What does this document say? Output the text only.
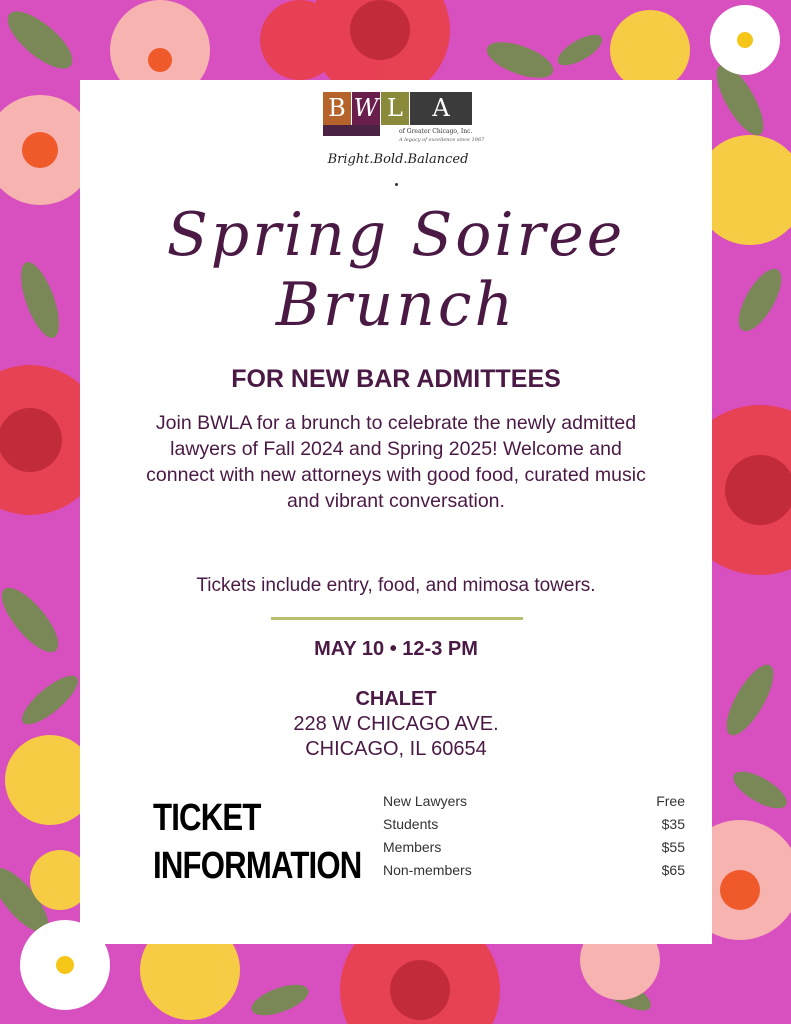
B W L	A
of Greater Chicago, Inc.
A legacy of excellence since 1967
Bright.Bold.Balanced
Spring Soiree
Brunch
FOR NEW BAR ADMITTEES
Join BWLA for a brunch to celebrate the newly admitted lawyers of Fall 2024 and Spring 2025! Welcome and connect with new attorneys with good food, curated music and vibrant conversation.
Tickets include entry, food, and mimosa towers.
MAY 10 • 12-3 PM
CHALET
228 W CHICAGO AVE.
CHICAGO, IL 60654
TICKET
INFORMATION
New Lawyers	Free
Students	$35
Members	$55
Non-members	$65
